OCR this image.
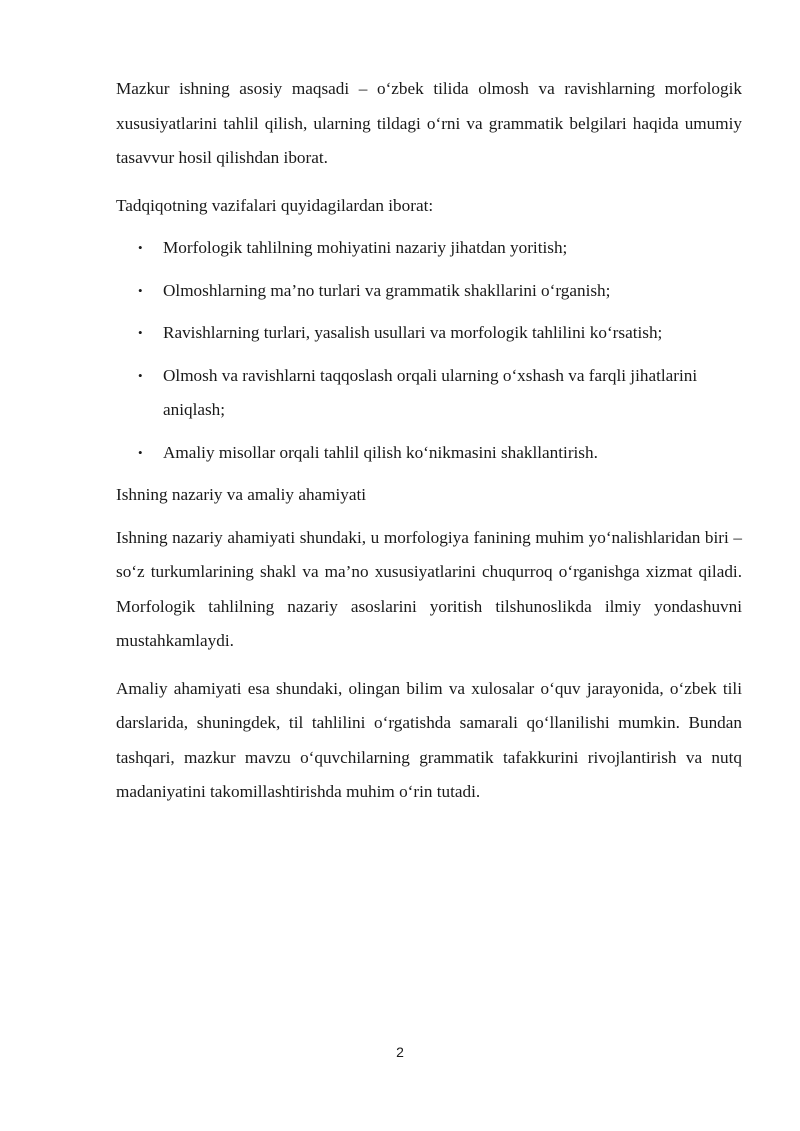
Mazkur ishning asosiy maqsadi – o‘zbek tilida olmosh va ravishlarning morfologik xususiyatlarini tahlil qilish, ularning tildagi o‘rni va grammatik belgilari haqida umumiy tasavvur hosil qilishdan iborat.

Tadqiqotning vazifalari quyidagilardan iborat:

• Morfologik tahlilning mohiyatini nazariy jihatdan yoritish;
• Olmoshlarning ma’no turlari va grammatik shakllarini o‘rganish;
• Ravishlarning turlari, yasalish usullari va morfologik tahlilini ko‘rsatish;
• Olmosh va ravishlarni taqqoslash orqali ularning o‘xshash va farqli jihatlarini aniqlash;
• Amaliy misollar orqali tahlil qilish ko‘nikmasini shakllantirish.

Ishning nazariy va amaliy ahamiyati

Ishning nazariy ahamiyati shundaki, u morfologiya fanining muhim yo‘nalishlaridan biri – so‘z turkumlarining shakl va ma’no xususiyatlarini chuqurroq o‘rganishga xizmat qiladi. Morfologik tahlilning nazariy asoslarini yoritish tilshunoslikda ilmiy yondashuvni mustahkamlaydi.

Amaliy ahamiyati esa shundaki, olingan bilim va xulosalar o‘quv jarayonida, o‘zbek tili darslarida, shuningdek, til tahlilini o‘rgatishda samarali qo‘llanilishi mumkin. Bundan tashqari, mazkur mavzu o‘quvchilarning grammatik tafakkurini rivojlantirish va nutq madaniyatini takomillashtirishda muhim o‘rin tutadi.

2
